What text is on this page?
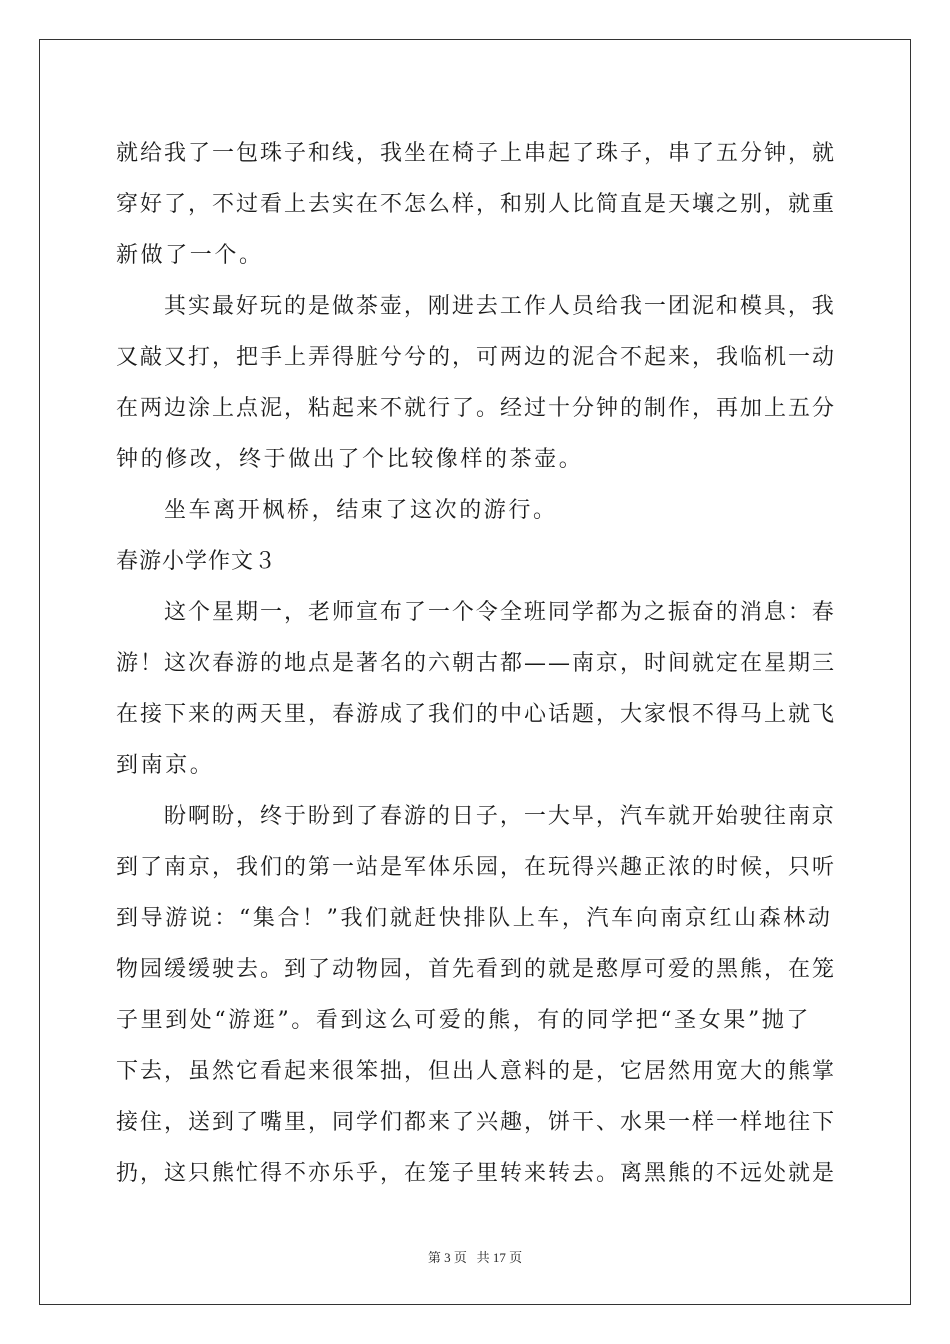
就给我了一包珠子和线，我坐在椅子上串起了珠子，串了五分钟，就
穿好了，不过看上去实在不怎么样，和别人比简直是天壤之别，就重
新做了一个。
其实最好玩的是做茶壶，刚进去工作人员给我一团泥和模具，我
又敲又打，把手上弄得脏兮兮的，可两边的泥合不起来，我临机一动
在两边涂上点泥，粘起来不就行了。经过十分钟的制作，再加上五分
钟的修改，终于做出了个比较像样的茶壶。
坐车离开枫桥，结束了这次的游行。
春游小学作文３
这个星期一，老师宣布了一个令全班同学都为之振奋的消息：春
游！这次春游的地点是著名的六朝古都——南京，时间就定在星期三
在接下来的两天里，春游成了我们的中心话题，大家恨不得马上就飞
到南京。
盼啊盼，终于盼到了春游的日子，一大早，汽车就开始驶往南京
到了南京，我们的第一站是军体乐园，在玩得兴趣正浓的时候，只听
到导游说：“集合！”我们就赶快排队上车，汽车向南京红山森林动
物园缓缓驶去。到了动物园，首先看到的就是憨厚可爱的黑熊，在笼
子里到处“游逛”。看到这么可爱的熊，有的同学把“圣女果”抛了
下去，虽然它看起来很笨拙，但出人意料的是，它居然用宽大的熊掌
接住，送到了嘴里，同学们都来了兴趣，饼干、水果一样一样地往下
扔，这只熊忙得不亦乐乎，在笼子里转来转去。离黑熊的不远处就是
第 3 页   共 17 页
